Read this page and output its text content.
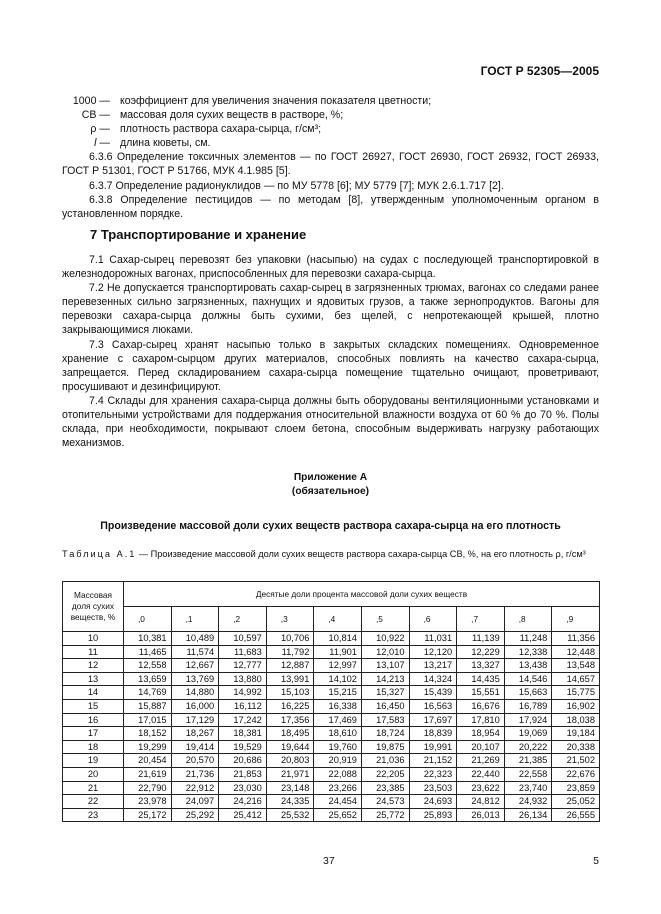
ГОСТ Р 52305—2005
1000 — коэффициент для увеличения значения показателя цветности;
СВ — массовая доля сухих веществ в растворе, %;
ρ — плотность раствора сахара-сырца, г/см³;
l — длина кюветы, см.

6.3.6 Определение токсичных элементов — по ГОСТ 26927, ГОСТ 26930, ГОСТ 26932, ГОСТ 26933, ГОСТ Р 51301, ГОСТ Р 51766, МУК 4.1.985 [5].

6.3.7 Определение радионуклидов — по МУ 5778 [6]; МУ 5779 [7]; МУК 2.6.1.717 [2].

6.3.8 Определение пестицидов — по методам [8], утвержденным уполномоченным органом в установленном порядке.

7 Транспортирование и хранение

7.1 Сахар-сырец перевозят без упаковки (насыпью) на судах с последующей транспортировкой в железнодорожных вагонах, приспособленных для перевозки сахара-сырца.

7.2 Не допускается транспортировать сахар-сырец в загрязненных трюмах, вагонах со следами ранее перевезенных сильно загрязненных, пахнущих и ядовитых грузов, а также зернопродуктов. Вагоны для перевозки сахара-сырца должны быть сухими, без щелей, с непротекающей крышей, плотно закрывающимися люками.

7.3 Сахар-сырец хранят насыпью только в закрытых складских помещениях. Одновременное хранение с сахаром-сырцом других материалов, способных повлиять на качество сахара-сырца, запрещается. Перед складированием сахара-сырца помещение тщательно очищают, проветривают, просушивают и дезинфицируют.

7.4 Склады для хранения сахара-сырца должны быть оборудованы вентиляционными установками и отопительными устройствами для поддержания относительной влажности воздуха от 60 % до 70 %. Полы склада, при необходимости, покрывают слоем бетона, способным выдерживать нагрузку работающих механизмов.

Приложение А
(обязательное)
Произведение массовой доли сухих веществ раствора сахара-сырца на его плотность
Таблица А.1 — Произведение массовой доли сухих веществ раствора сахара-сырца СВ, %, на его плотность ρ, г/см³
Массовая доля сухих веществ, %	Десятые доли процента массовой доли сухих веществ									
	,0	,1	,2	,3	,4	,5	,6	,7	,8	,9
10	10,381	10,489	10,597	10,706	10,814	10,922	11,031	11,139	11,248	11,356
11	11,465	11,574	11,683	11,792	11,901	12,010	12,120	12,229	12,338	12,448
12	12,558	12,667	12,777	12,887	12,997	13,107	13,217	13,327	13,438	13,548
13	13,659	13,769	13,880	13,991	14,102	14,213	14,324	14,435	14,546	14,657
14	14,769	14,880	14,992	15,103	15,215	15,327	15,439	15,551	15,663	15,775
15	15,887	16,000	16,112	16,225	16,338	16,450	16,563	16,676	16,789	16,902
16	17,015	17,129	17,242	17,356	17,469	17,583	17,697	17,810	17,924	18,038
17	18,152	18,267	18,381	18,495	18,610	18,724	18,839	18,954	19,069	19,184
18	19,299	19,414	19,529	19,644	19,760	19,875	19,991	20,107	20,222	20,338
19	20,454	20,570	20,686	20,803	20,919	21,036	21,152	21,269	21,385	21,502
20	21,619	21,736	21,853	21,971	22,088	22,205	22,323	22,440	22,558	22,676
21	22,790	22,912	23,030	23,148	23,266	23,385	23,503	23,622	23,740	23,859
22	23,978	24,097	24,216	24,335	24,454	24,573	24,693	24,812	24,932	25,052
23	25,172	25,292	25,412	25,532	25,652	25,772	25,893	26,013	26,134	26,555
37	5
